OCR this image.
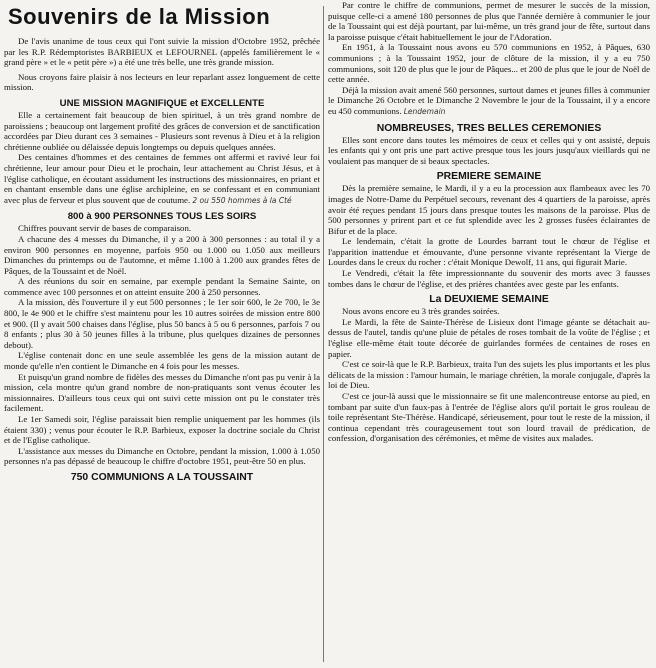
Souvenirs de la Mission

De l'avis unanime de tous ceux qui l'ont suivie la mission d'Octobre 1952, prêchée par les R.P. Rédemptoristes BARBIEUX et LEFOURNEL (appelés familièrement le « grand père » et le « petit père ») a été une très belle, une très grande mission.

Nous croyons faire plaisir à nos lecteurs en leur reparlant assez longuement de cette mission.

UNE MISSION MAGNIFIQUE et EXCELLENTE

Elle a certainement fait beaucoup de bien spirituel, à un très grand nombre de paroissiens ; beaucoup ont largement profité des grâces de conversion et de sanctification accordées par Dieu durant ces 3 semaines - Plusieurs sont revenus à Dieu et à la religion chrétienne oubliée ou délaissée depuis longtemps ou depuis quelques années.

Des centaines d'hommes et des centaines de femmes ont affermi et ravivé leur foi chrétienne, leur amour pour Dieu et le prochain, leur attachement au Christ Jésus, et à l'église catholique, en écoutant assidument les instructions des missionnaires, en priant et en chantant ensemble dans une église archipleine, en se confessant et en communiant avec plus de ferveur et plus souvent que de coutume. 2 ou 550 hommes à la Cté

800 à 900 PERSONNES TOUS LES SOIRS

Chiffres pouvant servir de bases de comparaison.

A chacune des 4 messes du Dimanche, il y a 200 à 300 personnes : au total il y a environ 900 personnes en moyenne, parfois 950 ou 1.000 ou 1.050 aux meilleurs Dimanches du printemps ou de l'automne, et même 1.100 à 1.200 aux grandes fêtes de Pâques, de la Toussaint et de Noël.

A des réunions du soir en semaine, par exemple pendant la Semaine Sainte, on commence avec 100 personnes et on atteint ensuite 200 à 250 personnes.

A la mission, dès l'ouverture il y eut 500 personnes ; le 1er soir 600, le 2e 700, le 3e 800, le 4e 900 et le chiffre s'est maintenu pour les 10 autres soirées de mission entre 800 et 900. (Il y avait 500 chaises dans l'église, plus 50 bancs à 5 ou 6 personnes, parfois 7 ou 8 enfants ; plus 30 à 50 jeunes filles à la tribune, plus quelques dizaines de personnes debout).

L'église contenait donc en une seule assemblée les gens de la mission autant de monde qu'elle n'en contient le Dimanche en 4 fois pour les messes.

Et puisqu'un grand nombre de fidèles des messes du Dimanche n'ont pas pu venir à la mission, cela montre qu'un grand nombre de non-pratiquants sont venus écouter les missionnaires. D'ailleurs tous ceux qui ont suivi cette mission ont pu le constater très facilement.

Le 1er Samedi soir, l'église paraissait bien remplie uniquement par les hommes (ils étaient 330) ; venus pour écouter le R.P. Barbieux, exposer la doctrine sociale du Christ et de l'Eglise catholique.

L'assistance aux messes du Dimanche en Octobre, pendant la mission, 1.000 à 1.050 personnes n'a pas dépassé de beaucoup le chiffre d'octobre 1951, peut-être 50 en plus.

750 COMMUNIONS A LA TOUSSAINT

Par contre le chiffre de communions, permet de mesurer le succès de la mission, puisque celle-ci a amené 180 personnes de plus que l'année dernière à communier le jour de la Toussaint qui est déjà pourtant, par lui-même, un très grand jour de fête, surtout dans la paroisse puisque c'était habituellement le jour de l'Adoration.

En 1951, à la Toussaint nous avons eu 570 communions en 1952, à Pâques, 630 communions ; à la Toussaint 1952, jour de clôture de la mission, il y a eu 750 communions, soit 120 de plus que le jour de Pâques... et 200 de plus que le jour de Noël de cette année.

Déjà la mission avait amené 560 personnes, surtout dames et jeunes filles à communier le Dimanche 26 Octobre et le Dimanche 2 Novembre le jour de la Toussaint, il y a encore eu 450 communions. Lendemain

NOMBREUSES, TRES BELLES CEREMONIES

Elles sont encore dans toutes les mémoires de ceux et celles qui y ont assisté, depuis les enfants qui y ont pris une part active presque tous les jours jusqu'aux vieillards qui ne voulaient pas manquer de si beaux spectacles.

PREMIERE SEMAINE

Dès la première semaine, le Mardi, il y a eu la procession aux flambeaux avec les 70 images de Notre-Dame du Perpétuel secours, revenant des 4 quartiers de la paroisse, après avoir été reçues pendant 15 jours dans presque toutes les maisons de la paroisse. Plus de 500 personnes y prirent part et ce fut splendide avec les 2 grosses fusées éclairantes de Bifur et de la place.

Le lendemain, c'était la grotte de Lourdes barrant tout le chœur de l'église et l'apparition inattendue et émouvante, d'une personne vivante représentant la Vierge de Lourdes dans le creux du rocher : c'était Monique Dewolf, 11 ans, qui figurait Marie.

Le Vendredi, c'était la fête impressionnante du souvenir des morts avec 3 fausses tombes dans le chœur de l'église, et des prières chantées avec geste par les enfants.

La DEUXIEME SEMAINE

Nous avons encore eu 3 très grandes soirées.

Le Mardi, la fête de Sainte-Thérèse de Lisieux dont l'image géante se détachait au-dessus de l'autel, tandis qu'une pluie de pétales de roses tombait de la voûte de l'église ; et l'église elle-même était toute décorée de guirlandes formées de centaines de roses en papier.

C'est ce soir-là que le R.P. Barbieux, traita l'un des sujets les plus importants et les plus délicats de la mission : l'amour humain, le mariage chrétien, la morale conjugale, d'après la loi de Dieu.

C'est ce jour-là aussi que le missionnaire se fit une malencontreuse entorse au pied, en tombant par suite d'un faux-pas à l'entrée de l'église alors qu'il portait le gros rouleau de toile représentant Ste-Thérèse. Handicapé, sérieusement, pour tout le reste de la mission, il continua cependant très courageusement tout son lourd travail de prédication, de confession, d'organisation des cérémonies, et même de visites aux malades.
